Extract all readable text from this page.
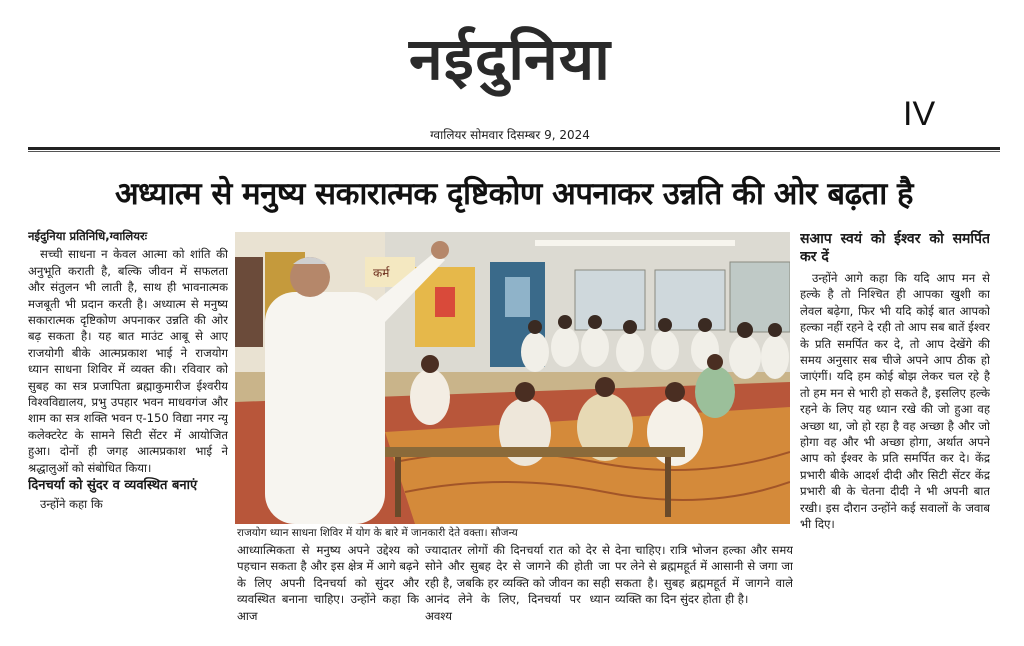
नईदुनिया
IV
ग्वालियर सोमवार दिसम्बर 9, 2024
अध्यात्म से मनुष्य सकारात्मक दृष्टिकोण अपनाकर उन्नति की ओर बढ़ता है

नईदुनिया प्रतिनिधि,ग्वालियरः

सच्ची साधना न केवल आत्मा को शांति की अनुभूति कराती है, बल्कि जीवन में सफलता और संतुलन भी लाती है, साथ ही भावनात्मक मजबूती भी प्रदान करती है। अध्यात्म से मनुष्य सकारात्मक दृष्टिकोण अपनाकर उन्नति की ओर बढ़ सकता है। यह बात माउंट आबू से आए राजयोगी बीके आत्मप्रकाश भाई ने राजयोग ध्यान साधना शिविर में व्यक्त की। रविवार को सुबह का सत्र प्रजापिता ब्रह्माकुमारीज ईश्वरीय विश्वविद्यालय, प्रभु उपहार भवन माधवगंज और शाम का सत्र शक्ति भवन ए-150 विद्या नगर न्यू कलेक्टरेट के सामने सिटी सेंटर में आयोजित हुआ। दोनों ही जगह आत्मप्रकाश भाई ने श्रद्धालुओं को संबोधित किया।

दिनचर्या को सुंदर व व्यवस्थित बनाएं

उन्होंने कहा कि

कर्म
राजयोग ध्यान साधना शिविर में योग के बारे में जानकारी देते वक्ता। सौजन्य

आध्यात्मिकता से मनुष्य अपने उद्देश्य को पहचान सकता है और इस क्षेत्र में आगे बढ़ने के लिए अपनी दिनचर्या को सुंदर और व्यवस्थित बनाना चाहिए। उन्होंने कहा कि आज

ज्यादातर लोगों की दिनचर्या रात को देर से सोने और सुबह देर से जागने की होती जा रही है, जबकि हर व्यक्ति को जीवन का सही आनंद लेने के लिए, दिनचर्या पर ध्यान अवश्य

देना चाहिए। रात्रि भोजन हल्का और समय पर लेने से ब्रह्ममहूर्त में आसानी से जगा जा सकता है। सुबह ब्रह्ममहूर्त में जागने वाले व्यक्ति का दिन सुंदर होता ही है।

सआप स्वयं को ईश्वर को समर्पित कर दें

उन्होंने आगे कहा कि यदि आप मन से हल्के है तो निश्चित ही आपका खुशी का लेवल बढ़ेगा, फिर भी यदि कोई बात आपको हल्का नहीं रहने दे रही तो आप सब बातें ईश्वर के प्रति समर्पित कर दे, तो आप देखेंगे की समय अनुसार सब चीजे अपने आप ठीक हो जाएंगीं। यदि हम कोई बोझ लेकर चल रहे है तो हम मन से भारी हो सकते है, इसलिए हल्के रहने के लिए यह ध्यान रखे की जो हुआ वह अच्छा था, जो हो रहा है वह अच्छा है और जो होगा वह और भी अच्छा होगा, अर्थात अपने आप को ईश्वर के प्रति समर्पित कर दे। केंद्र प्रभारी बीके आदर्श दीदी और सिटी सेंटर केंद्र प्रभारी बी के चेतना दीदी ने भी अपनी बात रखी। इस दौरान उन्होंने कई सवालों के जवाब भी दिए।
